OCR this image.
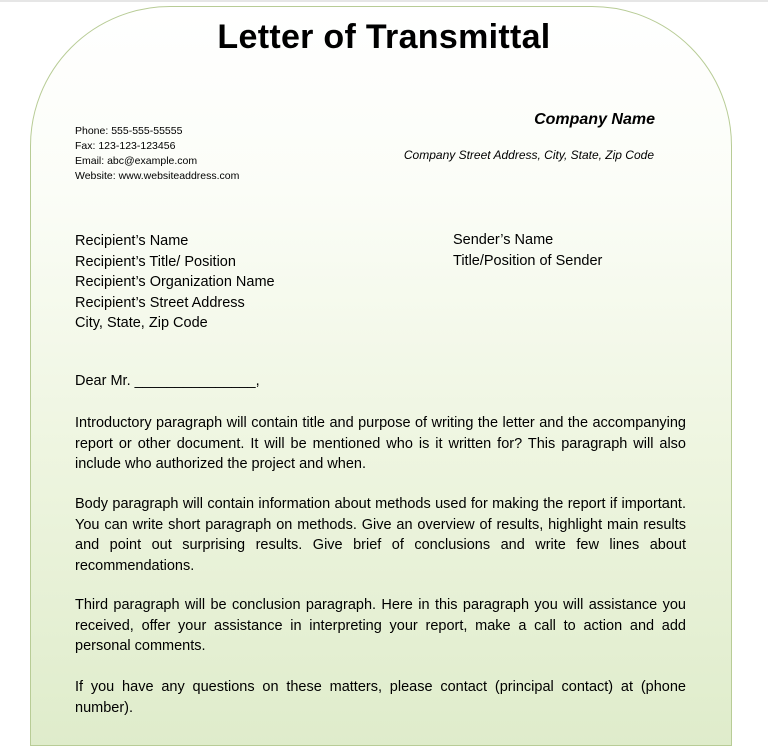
Letter of Transmittal
Phone: 555-555-55555
Fax: 123-123-123456
Email: abc@example.com
Website: www.websiteaddress.com
Company Name
Company Street Address, City, State, Zip Code
Recipient’s Name
Recipient’s Title/ Position
Recipient’s Organization Name
Recipient’s Street Address
City, State, Zip Code
Sender’s Name
Title/Position of Sender
Dear Mr. _______________,
Introductory paragraph will contain title and purpose of writing the letter and the accompanying report or other document. It will be mentioned who is it written for? This paragraph will also include who authorized the project and when.
Body paragraph will contain information about methods used for making the report if important. You can write short paragraph on methods. Give an overview of results, highlight main results and point out surprising results. Give brief of conclusions and write few lines about recommendations.
Third paragraph will be conclusion paragraph. Here in this paragraph you will assistance you received, offer your assistance in interpreting your report, make a call to action and add personal comments.
If you have any questions on these matters, please contact (principal contact) at (phone number).
